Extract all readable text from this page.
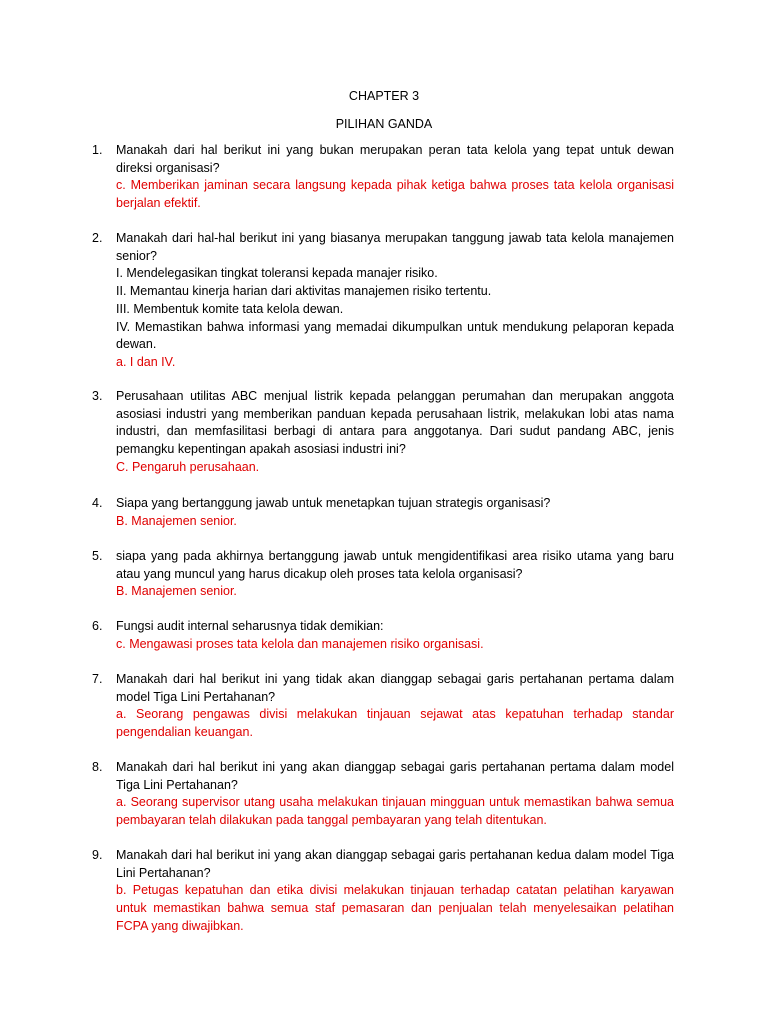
CHAPTER 3
PILIHAN GANDA
1.	Manakah dari hal berikut ini yang bukan merupakan peran tata kelola yang tepat untuk dewan direksi organisasi?
c. Memberikan jaminan secara langsung kepada pihak ketiga bahwa proses tata kelola organisasi berjalan efektif.
2.	Manakah dari hal-hal berikut ini yang biasanya merupakan tanggung jawab tata kelola manajemen senior?
I. Mendelegasikan tingkat toleransi kepada manajer risiko.
II. Memantau kinerja harian dari aktivitas manajemen risiko tertentu.
III. Membentuk komite tata kelola dewan.
IV. Memastikan bahwa informasi yang memadai dikumpulkan untuk mendukung pelaporan kepada dewan.
a. I dan IV.
3.	Perusahaan utilitas ABC menjual listrik kepada pelanggan perumahan dan merupakan anggota asosiasi industri yang memberikan panduan kepada perusahaan listrik, melakukan lobi atas nama industri, dan memfasilitasi berbagi di antara para anggotanya. Dari sudut pandang ABC, jenis pemangku kepentingan apakah asosiasi industri ini?
C. Pengaruh perusahaan.
4.	Siapa yang bertanggung jawab untuk menetapkan tujuan strategis organisasi?
B. Manajemen senior.
5.	siapa yang pada akhirnya bertanggung jawab untuk mengidentifikasi area risiko utama yang baru atau yang muncul yang harus dicakup oleh proses tata kelola organisasi?
B. Manajemen senior.
6.	Fungsi audit internal seharusnya tidak demikian:
c. Mengawasi proses tata kelola dan manajemen risiko organisasi.
7.	Manakah dari hal berikut ini yang tidak akan dianggap sebagai garis pertahanan pertama dalam model Tiga Lini Pertahanan?
a. Seorang pengawas divisi melakukan tinjauan sejawat atas kepatuhan terhadap standar pengendalian keuangan.
8.	Manakah dari hal berikut ini yang akan dianggap sebagai garis pertahanan pertama dalam model Tiga Lini Pertahanan?
a. Seorang supervisor utang usaha melakukan tinjauan mingguan untuk memastikan bahwa semua pembayaran telah dilakukan pada tanggal pembayaran yang telah ditentukan.
9.	Manakah dari hal berikut ini yang akan dianggap sebagai garis pertahanan kedua dalam model Tiga Lini Pertahanan?
b. Petugas kepatuhan dan etika divisi melakukan tinjauan terhadap catatan pelatihan karyawan untuk memastikan bahwa semua staf pemasaran dan penjualan telah menyelesaikan pelatihan FCPA yang diwajibkan.
